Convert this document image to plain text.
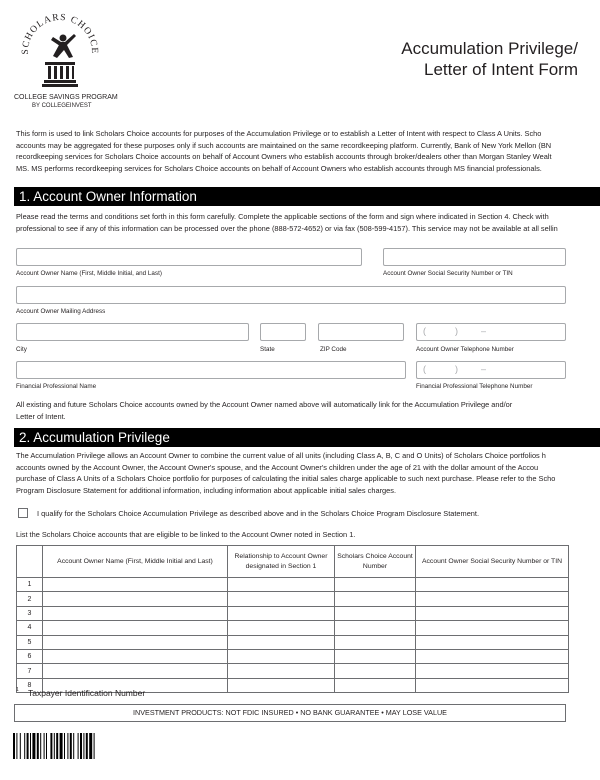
SCHOLARS CHOICE
COLLEGE SAVINGS PROGRAM
BY COLLEGEINVEST
Accumulation Privilege/
Letter of Intent Form
This form is used to link Scholars Choice accounts for purposes of the Accumulation Privilege or to establish a Letter of Intent with respect to Class A Units. Scho
accounts may be aggregated for these purposes only if such accounts are maintained on the same recordkeeping platform. Currently, Bank of New York Mellon (BN
recordkeeping services for Scholars Choice accounts on behalf of Account Owners who establish accounts through broker/dealers other than Morgan Stanley Wealt
MS. MS performs recordkeeping services for Scholars Choice accounts on behalf of Account Owners who establish accounts through MS financial professionals.
1. Account Owner Information
Please read the terms and conditions set forth in this form carefully. Complete the applicable sections of the form and sign where indicated in Section 4. Check with
professional to see if any of this information can be processed over the phone (888-572-4652) or via fax (508-599-4157). This service may not be available at all sellin
Account Owner Name (First, Middle Initial, and Last)	Account Owner Social Security Number or TIN
Account Owner Mailing Address
(	)	–
City	State	ZIP Code	Account Owner Telephone Number
(	)	–
Financial Professional Name	Financial Professional Telephone Number
All existing and future Scholars Choice accounts owned by the Account Owner named above will automatically link for the Accumulation Privilege and/or
Letter of Intent.
2. Accumulation Privilege
The Accumulation Privilege allows an Account Owner to combine the current value of all units (including Class A, B, C and O Units) of Scholars Choice portfolios h
accounts owned by the Account Owner, the Account Owner's spouse, and the Account Owner's children under the age of 21 with the dollar amount of the Accou
purchase of Class A Units of a Scholars Choice portfolio for purposes of calculating the initial sales charge applicable to such next purchase. Please refer to the Scho
Program Disclosure Statement for additional information, including information about applicable initial sales charges.
I qualify for the Scholars Choice Accumulation Privilege as described above and in the Scholars Choice Program Disclosure Statement.
List the Scholars Choice accounts that are eligible to be linked to the Account Owner noted in Section 1.
	Account Owner Name (First, Middle Initial and Last)	Relationship to Account Owner designated in Section 1	Scholars Choice Account Number	Account Owner Social Security Number or TIN
1				
2				
3				
4				
5				
6				
7				
8				
1 Taxpayer Identification Number
INVESTMENT PRODUCTS: NOT FDIC INSURED • NO BANK GUARANTEE • MAY LOSE VALUE
